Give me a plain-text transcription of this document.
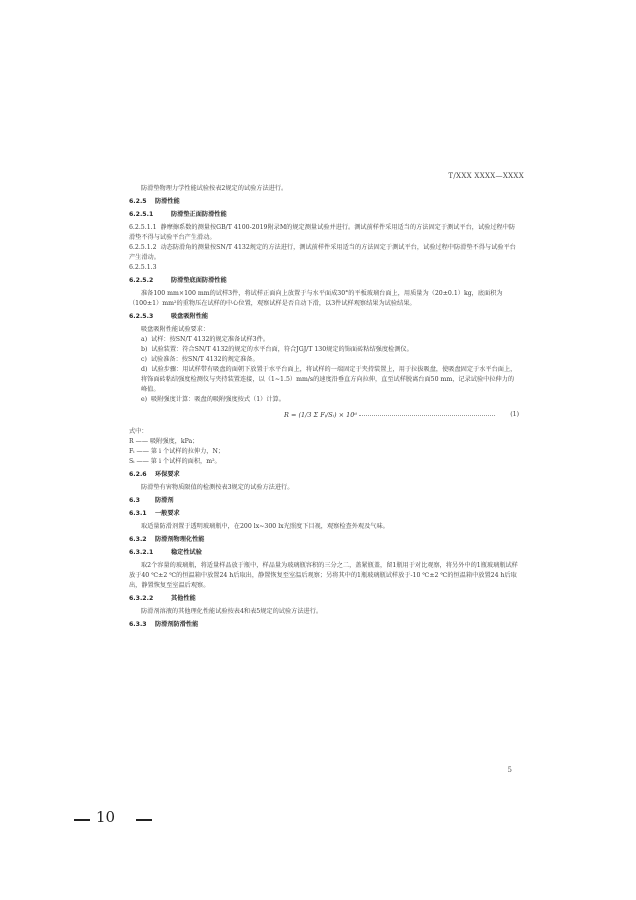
T/XXX XXXX—XXXX

防滑垫物理力学性能试验按表2规定的试验方法进行。

6.2.5 防滑性能

6.2.5.1	防滑垫正面防滑性能

6.2.5.1.1 静摩擦系数的测量按GB/T 4100-2019附录M的规定测量试验并进行。测试前样件采用适当的方法固定于测试平台，试验过程中防滑垫不得与试验平台产生滑动。

6.2.5.1.2 动态防滑角的测量按SN/T 4132规定的方法进行，测试前样件采用适当的方法固定于测试平台，试验过程中防滑垫不得与试验平台产生滑动。

6.2.5.1.3

6.2.5.2	防滑垫底面防滑性能

准备100 mm×100 mm的试样3件，将试样正面向上放置于与水平面成30°的平板玻璃台面上，用质量为（20±0.1）kg，底面积为（100±1）mm²的重物压在试样的中心位置，观察试样是否自动下滑，以3件试样观察结果为试验结果。

6.2.5.3	吸盘吸附性能

吸盘吸附性能试验要求：

a) 试样：按SN/T 4132的规定准备试样3件。

b) 试验装置：符合SN/T 4132的规定的水平台面，符合JGJ/T 130规定的饰面砖粘结强度检测仪。

c) 试验准备：按SN/T 4132的规定准备。

d) 试验步骤：用试样带有吸盘的面朝下放置于水平台面上，将试样的一端固定于夹持装置上，用于拉拔吸盘，使吸盘固定于水平台面上，将饰面砖粘结强度检测仪与夹持装置连接，以（1~1.5）mm/s的速度沿垂直方向拉伸，直至试样脱离台面50 mm，记录试验中拉伸力的峰值。

e) 吸附强度计算：吸盘的吸附强度按式（1）计算。

R = (1/3 Σ Fᵢ/Sᵢ) × 10⁶	(1)

式中：

R —— 吸附强度，kPa；

Fᵢ —— 第 i 个试样的拉伸力，N；

Sᵢ —— 第 i 个试样的面积，m²。

6.2.6 环保要求

防滑垫有害物质限值的检测按表3规定的试验方法进行。

6.3 防滑剂

6.3.1 一般要求

取适量防滑剂置于透明玻璃瓶中，在200 lx~300 lx光照度下目视，观察检查外观及气味。

6.3.2 防滑剂物理化性能

6.3.2.1	稳定性试验

取2个容量的玻璃瓶，将适量样品放于瓶中，样品量为玻璃瓶容积的三分之二，盖紧瓶盖，留1瓶用于对比观察，将另外中的1瓶玻璃瓶试样放于40 ℃±2 ℃的恒温箱中放置24 h后取出，静置恢复至室温后观察；另将其中的1瓶玻璃瓶试样放于-10 ℃±2 ℃的恒温箱中放置24 h后取出，静置恢复至室温后观察。

6.3.2.2	其他性能

防滑剂溶液的其他理化性能试验按表4和表5规定的试验方法进行。

6.3.3 防滑剂防滑性能

5
10
